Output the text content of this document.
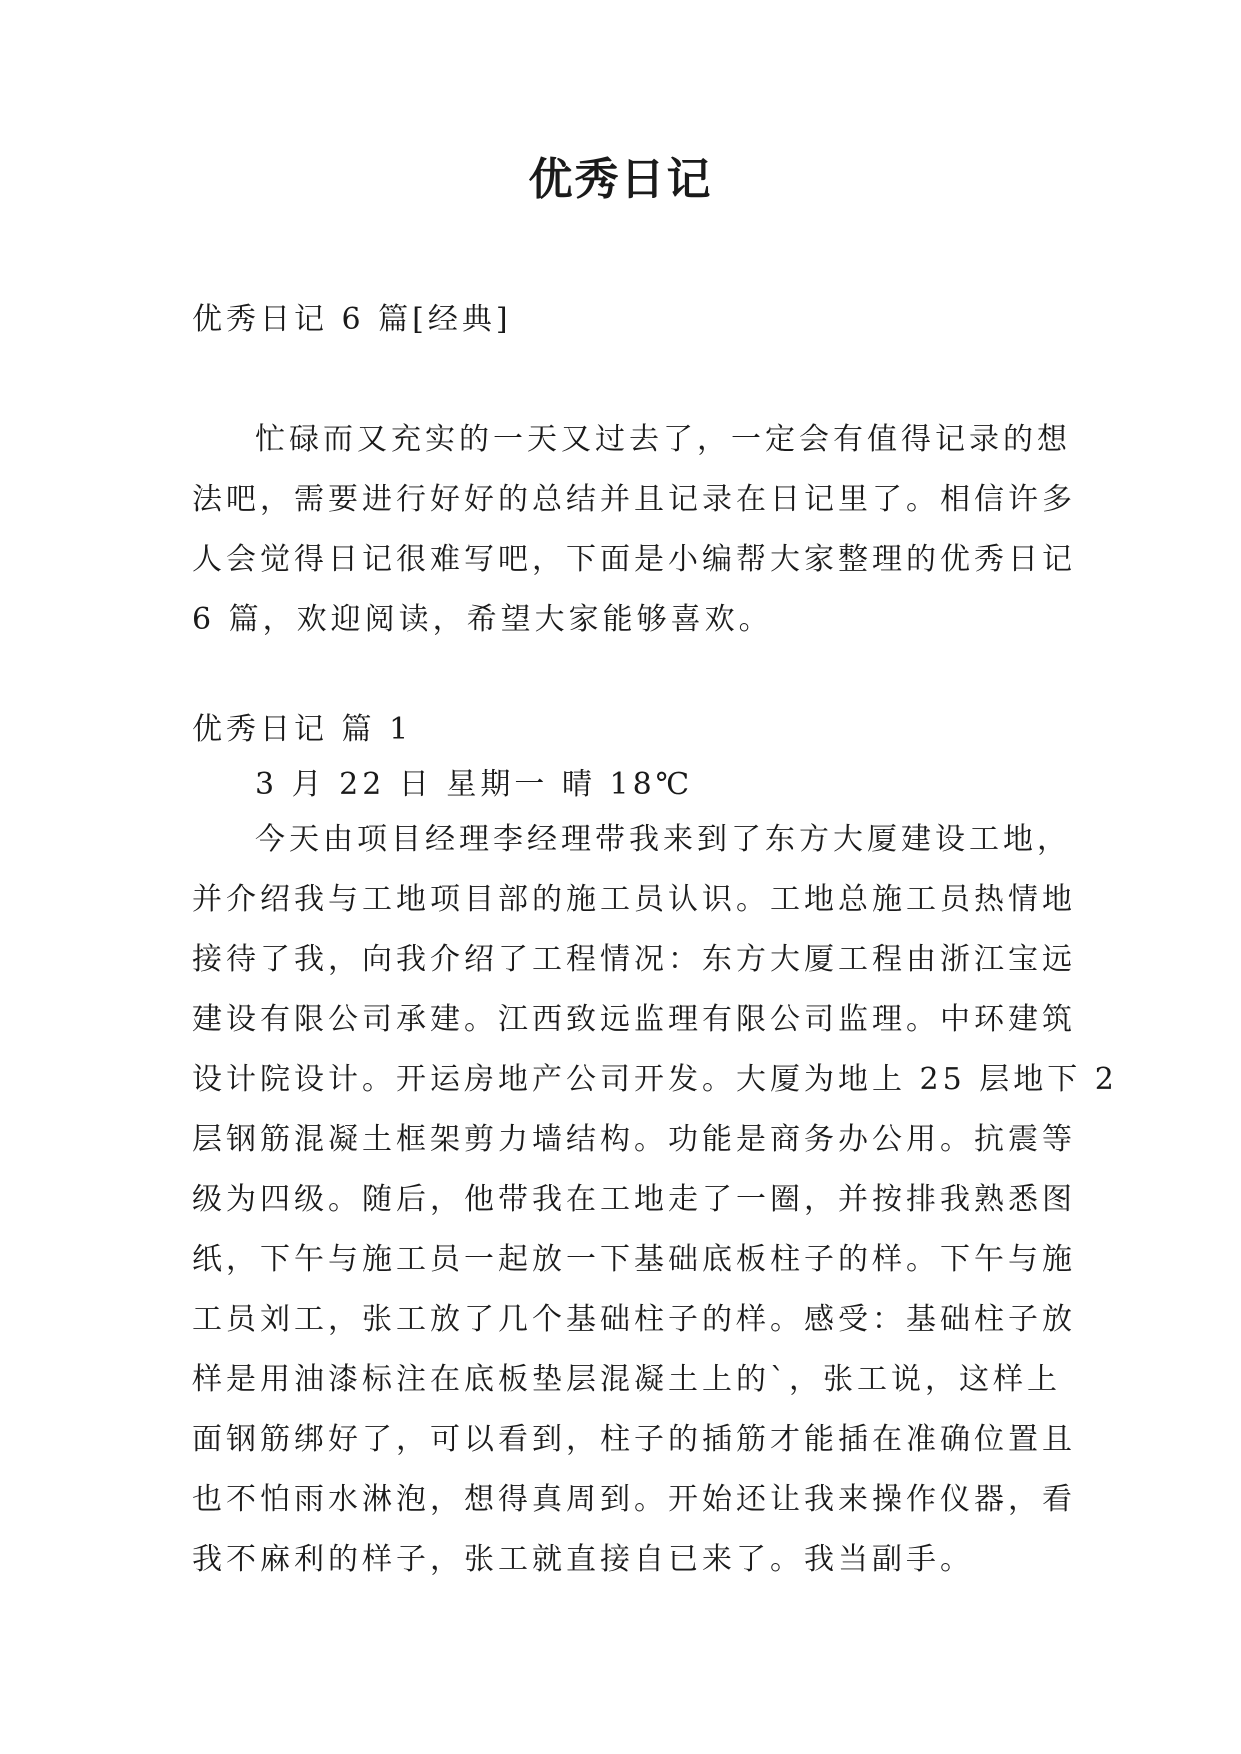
优秀日记

优秀日记 6 篇[经典]

忙碌而又充实的一天又过去了，一定会有值得记录的想
法吧，需要进行好好的总结并且记录在日记里了。相信许多
人会觉得日记很难写吧，下面是小编帮大家整理的优秀日记
6 篇，欢迎阅读，希望大家能够喜欢。

优秀日记 篇 1

3 月 22 日 星期一 晴 18℃

今天由项目经理李经理带我来到了东方大厦建设工地，
并介绍我与工地项目部的施工员认识。工地总施工员热情地
接待了我，向我介绍了工程情况：东方大厦工程由浙江宝远
建设有限公司承建。江西致远监理有限公司监理。中环建筑
设计院设计。开运房地产公司开发。大厦为地上 25 层地下 2
层钢筋混凝土框架剪力墙结构。功能是商务办公用。抗震等
级为四级。随后，他带我在工地走了一圈，并按排我熟悉图
纸，下午与施工员一起放一下基础底板柱子的样。下午与施
工员刘工，张工放了几个基础柱子的样。感受：基础柱子放
样是用油漆标注在底板垫层混凝土上的`，张工说，这样上
面钢筋绑好了，可以看到，柱子的插筋才能插在准确位置且
也不怕雨水淋泡，想得真周到。开始还让我来操作仪器，看
我不麻利的样子，张工就直接自已来了。我当副手。
